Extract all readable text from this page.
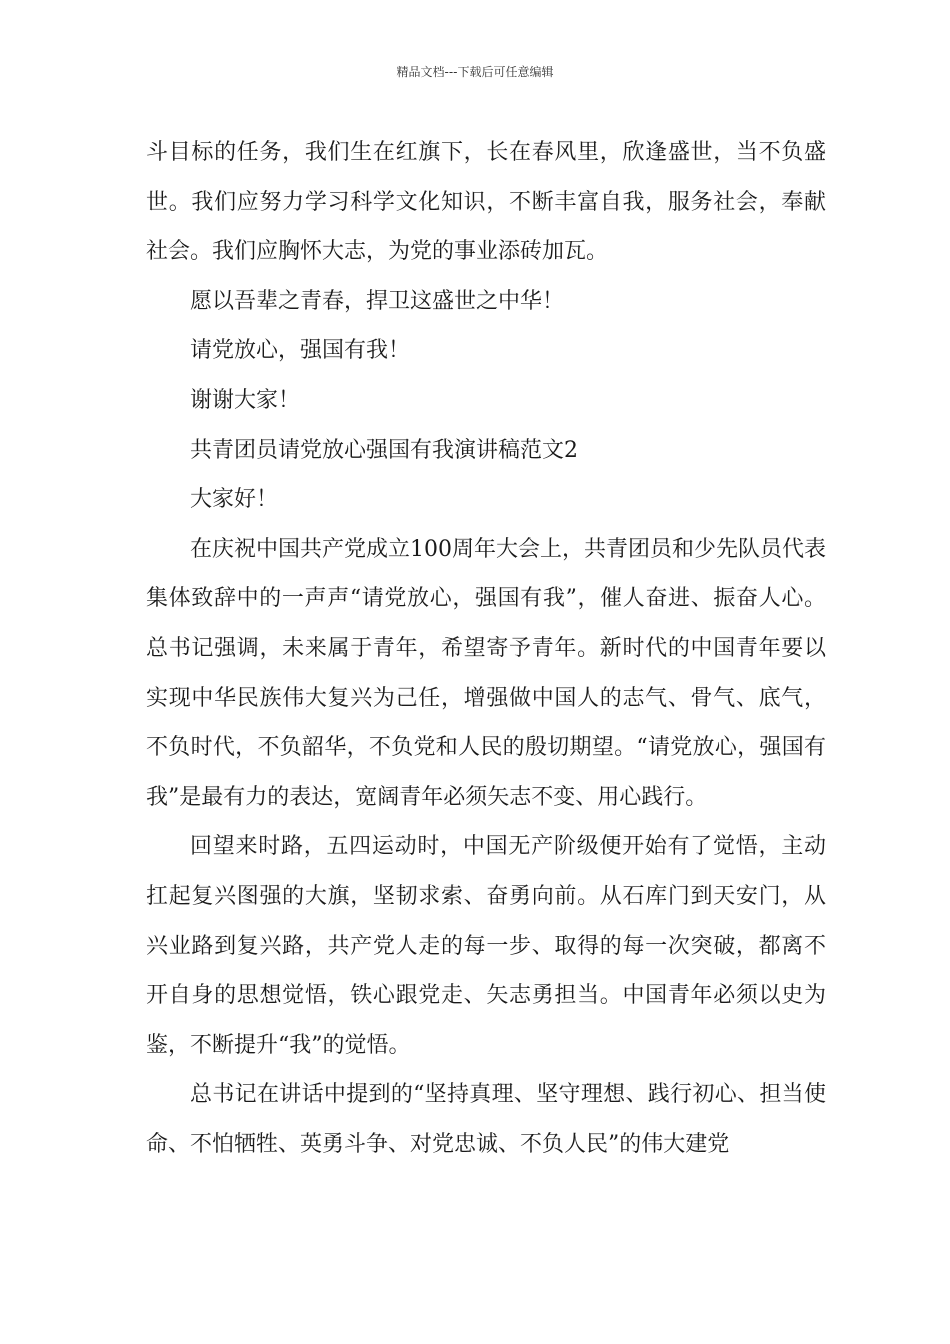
精品文档---下载后可任意编辑

斗目标的任务，我们生在红旗下，长在春风里，欣逢盛世，当不负盛世。我们应努力学习科学文化知识，不断丰富自我，服务社会，奉献社会。我们应胸怀大志，为党的事业添砖加瓦。

愿以吾辈之青春，捍卫这盛世之中华！

请党放心，强国有我！

谢谢大家！

共青团员请党放心强国有我演讲稿范文2

大家好！

在庆祝中国共产党成立100周年大会上，共青团员和少先队员代表集体致辞中的一声声“请党放心，强国有我”，催人奋进、振奋人心。总书记强调，未来属于青年，希望寄予青年。新时代的中国青年要以实现中华民族伟大复兴为己任，增强做中国人的志气、骨气、底气，不负时代，不负韶华，不负党和人民的殷切期望。“请党放心，强国有我”是最有力的表达，宽阔青年必须矢志不变、用心践行。

回望来时路，五四运动时，中国无产阶级便开始有了觉悟，主动扛起复兴图强的大旗，坚韧求索、奋勇向前。从石库门到天安门，从兴业路到复兴路，共产党人走的每一步、取得的每一次突破，都离不开自身的思想觉悟，铁心跟党走、矢志勇担当。中国青年必须以史为鉴，不断提升“我”的觉悟。

总书记在讲话中提到的“坚持真理、坚守理想、践行初心、担当使命、不怕牺牲、英勇斗争、对党忠诚、不负人民”的伟大建党
